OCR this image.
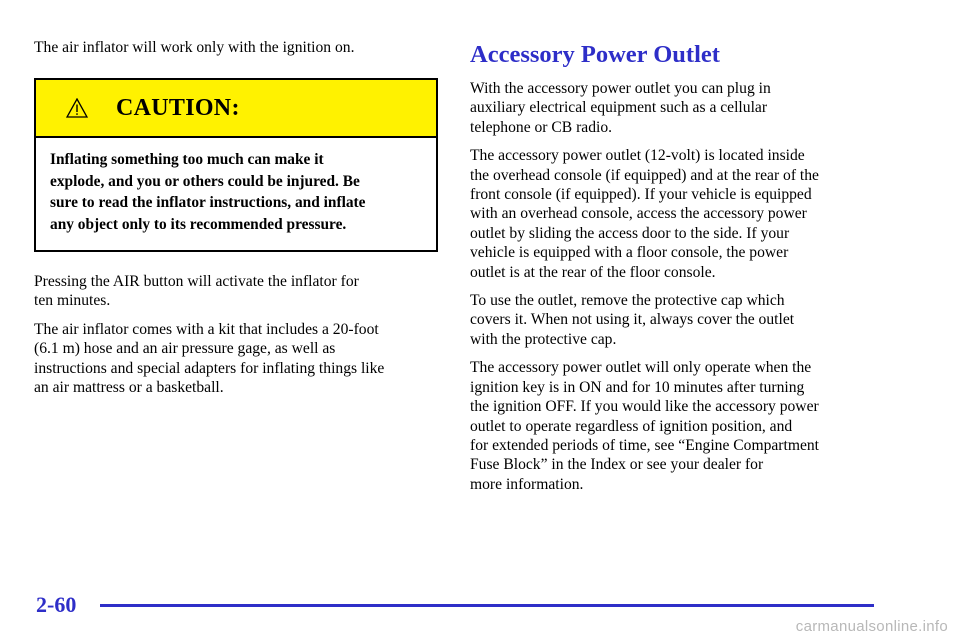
The air inflator will work only with the ignition on.

CAUTION:

Inflating something too much can make it
explode, and you or others could be injured. Be
sure to read the inflator instructions, and inflate
any object only to its recommended pressure.

Pressing the AIR button will activate the inflator for
ten minutes.

The air inflator comes with a kit that includes a 20‑foot
(6.1 m) hose and an air pressure gage, as well as
instructions and special adapters for inflating things like
an air mattress or a basketball.

Accessory Power Outlet

With the accessory power outlet you can plug in
auxiliary electrical equipment such as a cellular
telephone or CB radio.

The accessory power outlet (12‑volt) is located inside
the overhead console (if equipped) and at the rear of the
front console (if equipped). If your vehicle is equipped
with an overhead console, access the accessory power
outlet by sliding the access door to the side. If your
vehicle is equipped with a floor console, the power
outlet is at the rear of the floor console.

To use the outlet, remove the protective cap which
covers it. When not using it, always cover the outlet
with the protective cap.

The accessory power outlet will only operate when the
ignition key is in ON and for 10 minutes after turning
the ignition OFF. If you would like the accessory power
outlet to operate regardless of ignition position, and
for extended periods of time, see “Engine Compartment
Fuse Block” in the Index or see your dealer for
more information.

2-60
carmanualsonline.info
